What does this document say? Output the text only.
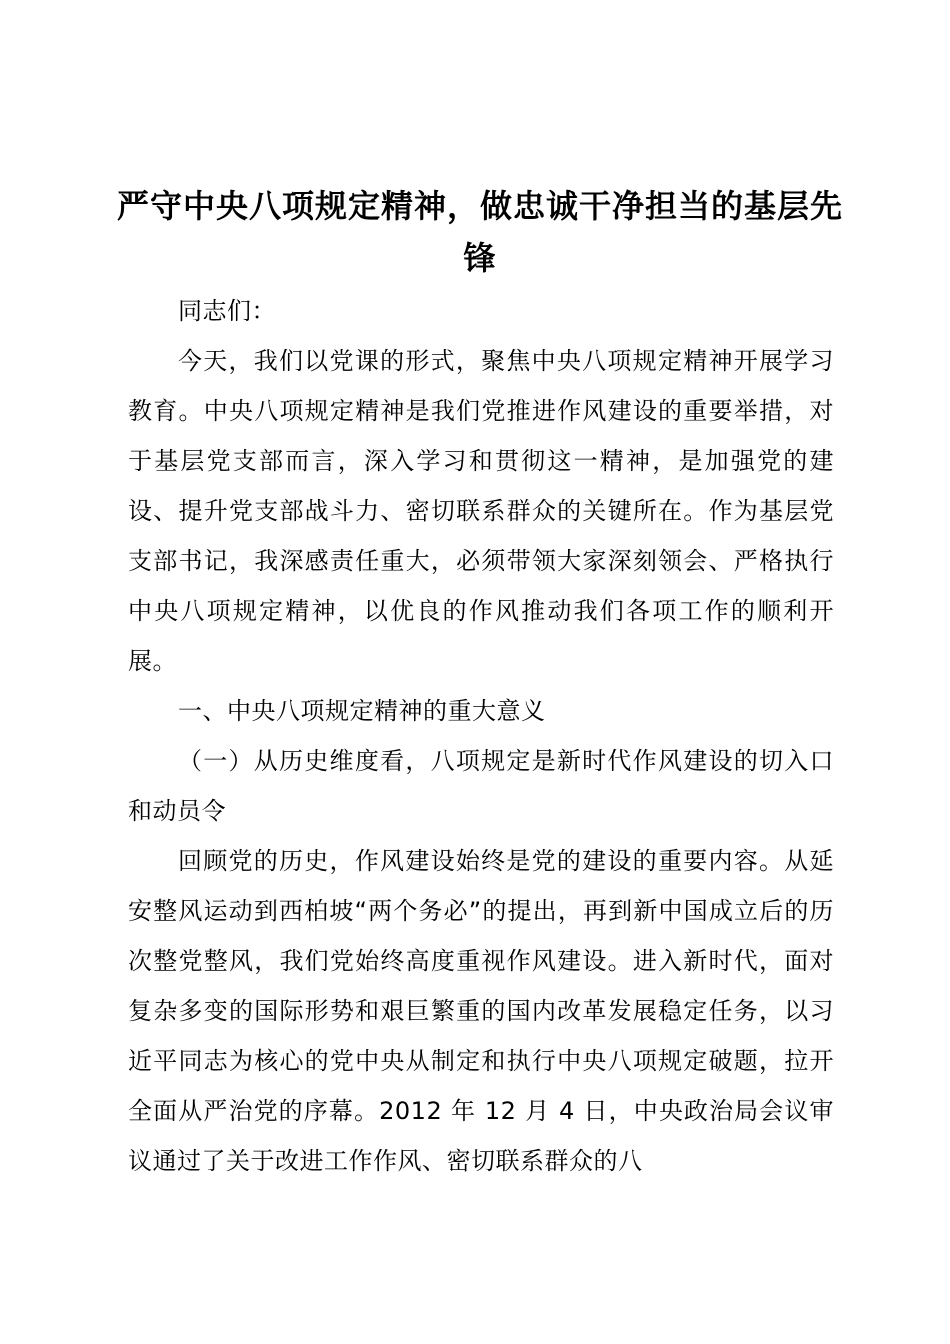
严守中央八项规定精神，做忠诚干净担当的基层先锋

同志们：

今天，我们以党课的形式，聚焦中央八项规定精神开展学习教育。中央八项规定精神是我们党推进作风建设的重要举措，对于基层党支部而言，深入学习和贯彻这一精神，是加强党的建设、提升党支部战斗力、密切联系群众的关键所在。作为基层党支部书记，我深感责任重大，必须带领大家深刻领会、严格执行中央八项规定精神，以优良的作风推动我们各项工作的顺利开展。

一、中央八项规定精神的重大意义

（一）从历史维度看，八项规定是新时代作风建设的切入口和动员令

回顾党的历史，作风建设始终是党的建设的重要内容。从延安整风运动到西柏坡“两个务必”的提出，再到新中国成立后的历次整党整风，我们党始终高度重视作风建设。进入新时代，面对复杂多变的国际形势和艰巨繁重的国内改革发展稳定任务，以习近平同志为核心的党中央从制定和执行中央八项规定破题，拉开全面从严治党的序幕。2012 年 12 月 4 日，中央政治局会议审议通过了关于改进工作作风、密切联系群众的八
